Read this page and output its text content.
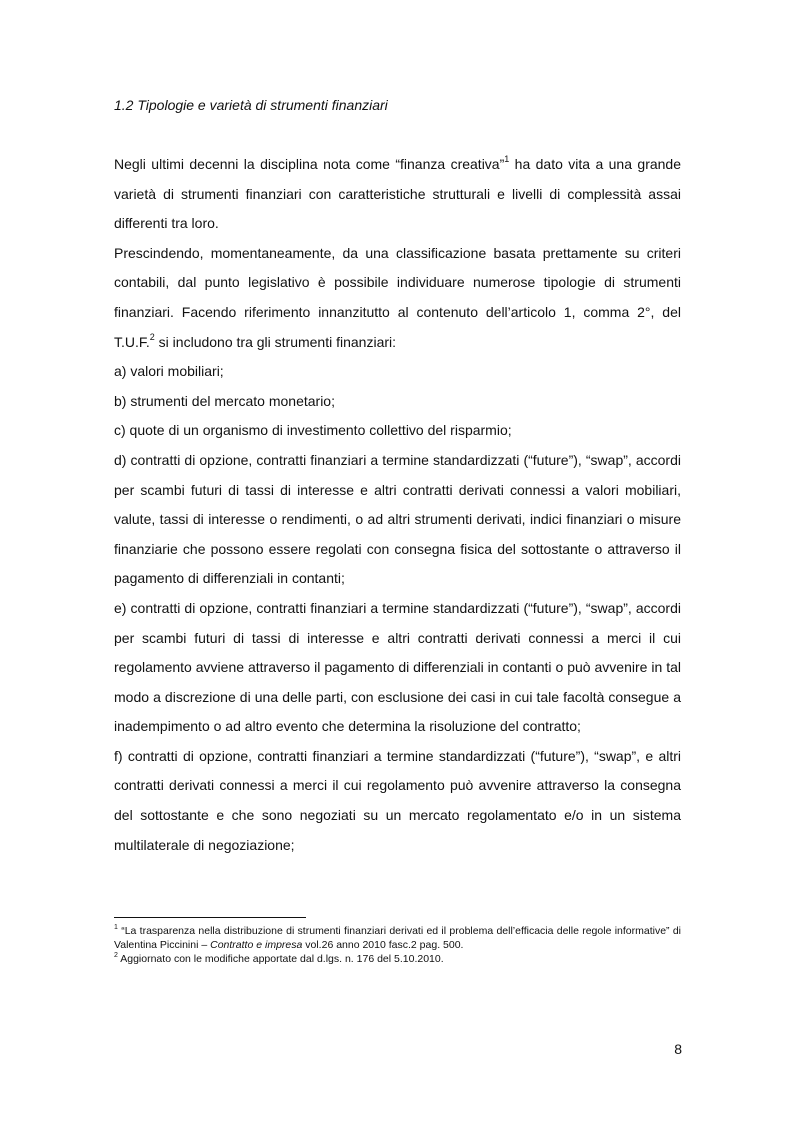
1.2 Tipologie e varietà di strumenti finanziari

Negli ultimi decenni la disciplina nota come “finanza creativa”$^1$ ha dato vita a una grande varietà di strumenti finanziari con caratteristiche strutturali e livelli di complessità assai differenti tra loro.

Prescindendo, momentaneamente, da una classificazione basata prettamente su criteri contabili, dal punto legislativo è possibile individuare numerose tipologie di strumenti finanziari. Facendo riferimento innanzitutto al contenuto dell’articolo 1, comma 2°, del T.U.F.$^2$ si includono tra gli strumenti finanziari:

a) valori mobiliari;

b) strumenti del mercato monetario;

c) quote di un organismo di investimento collettivo del risparmio;

d) contratti di opzione, contratti finanziari a termine standardizzati (“future”), “swap”, accordi per scambi futuri di tassi di interesse e altri contratti derivati connessi a valori mobiliari, valute, tassi di interesse o rendimenti, o ad altri strumenti derivati, indici finanziari o misure finanziarie che possono essere regolati con consegna fisica del sottostante o attraverso il pagamento di differenziali in contanti;

e) contratti di opzione, contratti finanziari a termine standardizzati (“future”), “swap”, accordi per scambi futuri di tassi di interesse e altri contratti derivati connessi a merci il cui regolamento avviene attraverso il pagamento di differenziali in contanti o può avvenire in tal modo a discrezione di una delle parti, con esclusione dei casi in cui tale facoltà consegue a inadempimento o ad altro evento che determina la risoluzione del contratto;

f) contratti di opzione, contratti finanziari a termine standardizzati (“future”), “swap”, e altri contratti derivati connessi a merci il cui regolamento può avvenire attraverso la consegna del sottostante e che sono negoziati su un mercato regolamentato e/o in un sistema multilaterale di negoziazione;

$^1$ “La trasparenza nella distribuzione di strumenti finanziari derivati ed il problema dell’efficacia delle regole informative” di Valentina Piccinini – Contratto e impresa vol.26 anno 2010 fasc.2 pag. 500.

$^2$ Aggiornato con le modifiche apportate dal d.lgs. n. 176 del 5.10.2010.

8
